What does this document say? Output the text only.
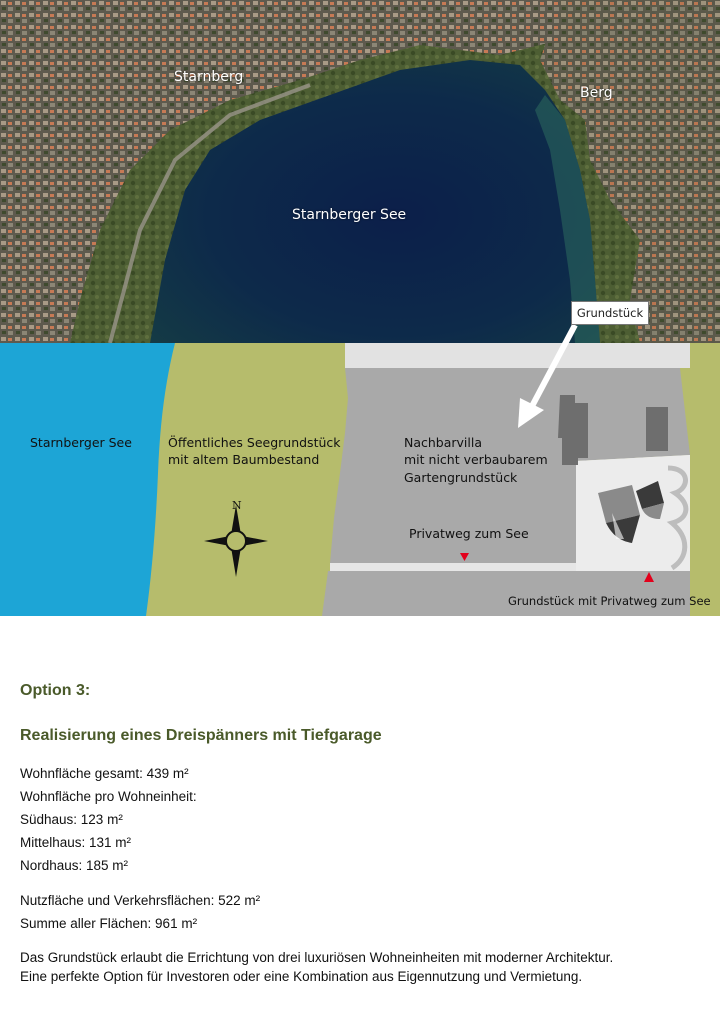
Starnberg
Berg
Starnberger See
Starnberger See	Öffentliches Seegrundstück
mit altem Baumbestand
Nachbarvilla
mit nicht verbaubarem
Gartengrundstück
Privatweg zum See
Grundstück mit Privatweg zum See
N
Grundstück
Option 3:
Realisierung eines Dreispänners mit Tiefgarage
Wohnfläche gesamt: 439 m²
Wohnfläche pro Wohneinheit:
Südhaus: 123 m²
Mittelhaus: 131 m²
Nordhaus: 185 m²
Nutzfläche und Verkehrsflächen: 522 m²
Summe aller Flächen: 961 m²
Das Grundstück erlaubt die Errichtung von drei luxuriösen Wohneinheiten mit moderner Architektur.
Eine perfekte Option für Investoren oder eine Kombination aus Eigennutzung und Vermietung.
